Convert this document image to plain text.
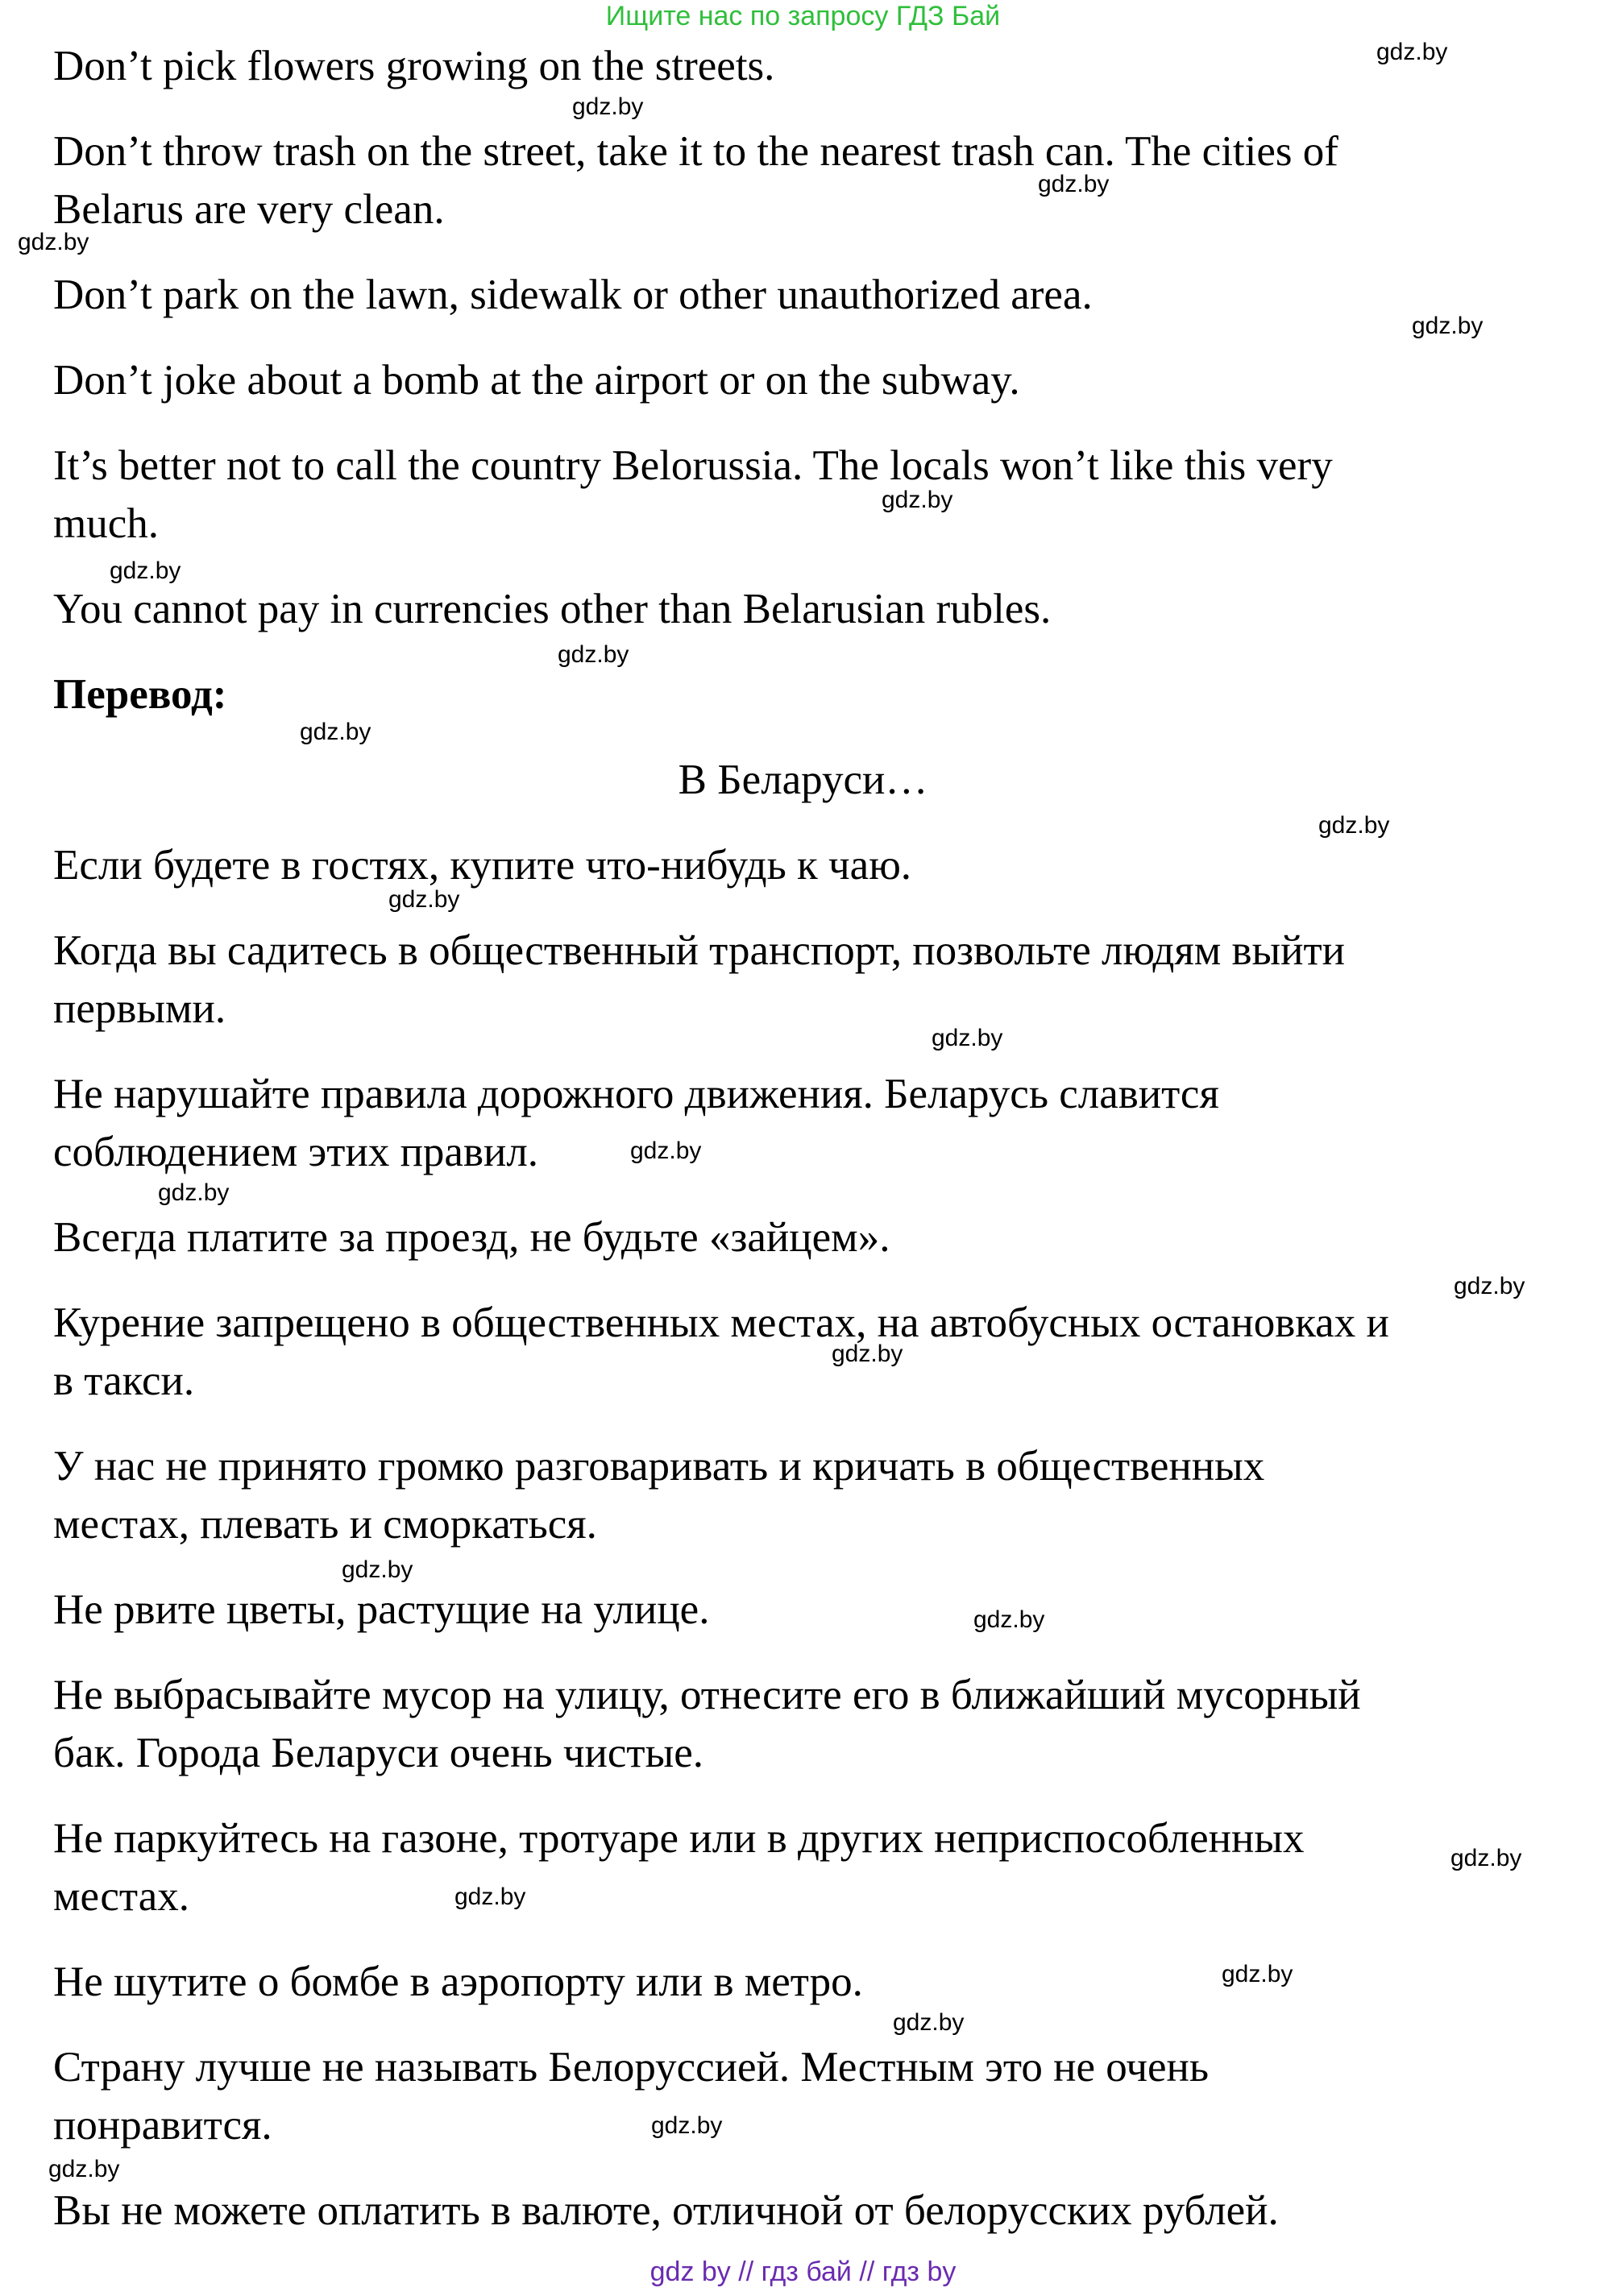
Ищите нас по запросу ГДЗ Бай
Don’t pick flowers growing on the streets.
Don’t throw trash on the street, take it to the nearest trash can. The cities of
Belarus are very clean.
Don’t park on the lawn, sidewalk or other unauthorized area.
Don’t joke about a bomb at the airport or on the subway.
It’s better not to call the country Belorussia. The locals won’t like this very
much.
You cannot pay in currencies other than Belarusian rubles.
Перевод:
В Беларуси…
Если будете в гостях, купите что-нибудь к чаю.
Когда вы садитесь в общественный транспорт, позвольте людям выйти
первыми.
Не нарушайте правила дорожного движения. Беларусь славится
соблюдением этих правил.
Всегда платите за проезд, не будьте «зайцем».
Курение запрещено в общественных местах, на автобусных остановках и
в такси.
У нас не принято громко разговаривать и кричать в общественных
местах, плевать и сморкаться.
Не рвите цветы, растущие на улице.
Не выбрасывайте мусор на улицу, отнесите его в ближайший мусорный
бак. Города Беларуси очень чистые.
Не паркуйтесь на газоне, тротуаре или в других неприспособленных
местах.
Не шутите о бомбе в аэропорту или в метро.
Страну лучше не называть Белоруссией. Местным это не очень
понравится.
Вы не можете оплатить в валюте, отличной от белорусских рублей.
gdz.by
gdz.by
gdz.by
gdz.by
gdz.by
gdz.by
gdz.by
gdz.by
gdz.by
gdz.by
gdz.by
gdz.by
gdz.by
gdz.by
gdz.by
gdz.by
gdz.by
gdz.by
gdz.by
gdz.by
gdz.by
gdz.by
gdz.by
gdz.by
gdz by // гдз бай // гдз by
